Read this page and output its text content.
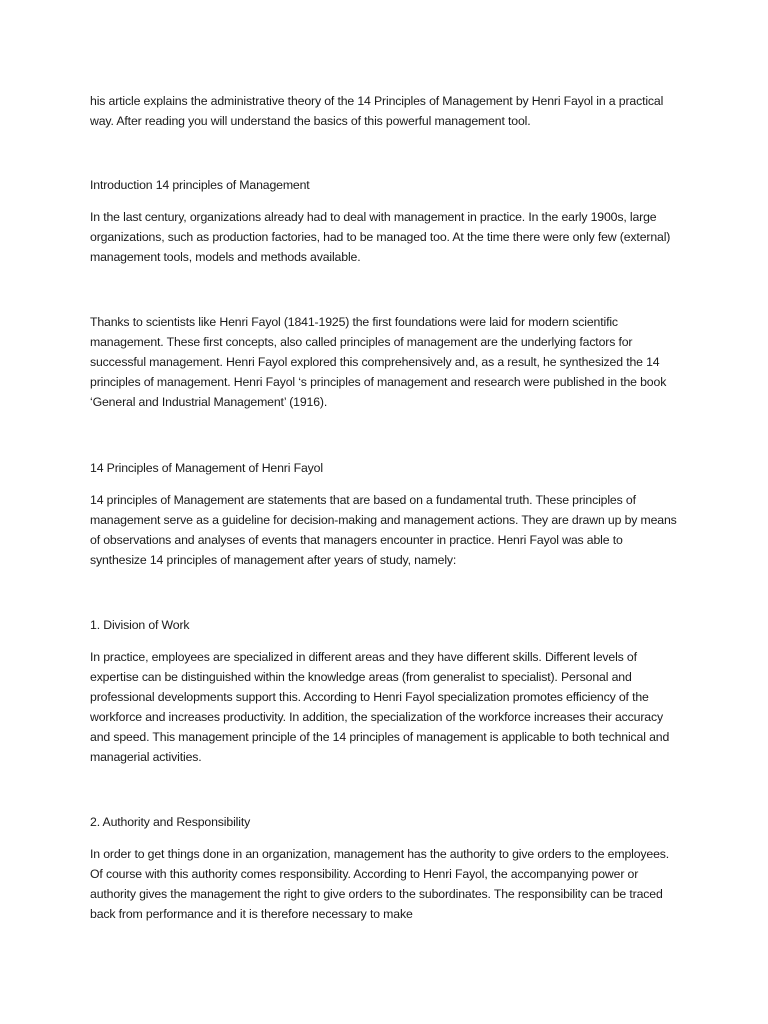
his article explains the administrative theory of the 14 Principles of Management by Henri Fayol in a practical way. After reading you will understand the basics of this powerful management tool.

Introduction 14 principles of Management

In the last century, organizations already had to deal with management in practice. In the early 1900s, large organizations, such as production factories, had to be managed too. At the time there were only few (external) management tools, models and methods available.

Thanks to scientists like Henri Fayol (1841-1925) the first foundations were laid for modern scientific management. These first concepts, also called principles of management are the underlying factors for successful management. Henri Fayol explored this comprehensively and, as a result, he synthesized the 14 principles of management. Henri Fayol ‘s principles of management and research were published in the book ‘General and Industrial Management’ (1916).

14 Principles of Management of Henri Fayol

14 principles of Management are statements that are based on a fundamental truth. These principles of management serve as a guideline for decision-making and management actions. They are drawn up by means of observations and analyses of events that managers encounter in practice. Henri Fayol was able to synthesize 14 principles of management after years of study, namely:

1. Division of Work

In practice, employees are specialized in different areas and they have different skills. Different levels of expertise can be distinguished within the knowledge areas (from generalist to specialist). Personal and professional developments support this. According to Henri Fayol specialization promotes efficiency of the workforce and increases productivity. In addition, the specialization of the workforce increases their accuracy and speed. This management principle of the 14 principles of management is applicable to both technical and managerial activities.

2. Authority and Responsibility

In order to get things done in an organization, management has the authority to give orders to the employees. Of course with this authority comes responsibility. According to Henri Fayol, the accompanying power or authority gives the management the right to give orders to the subordinates. The responsibility can be traced back from performance and it is therefore necessary to make
